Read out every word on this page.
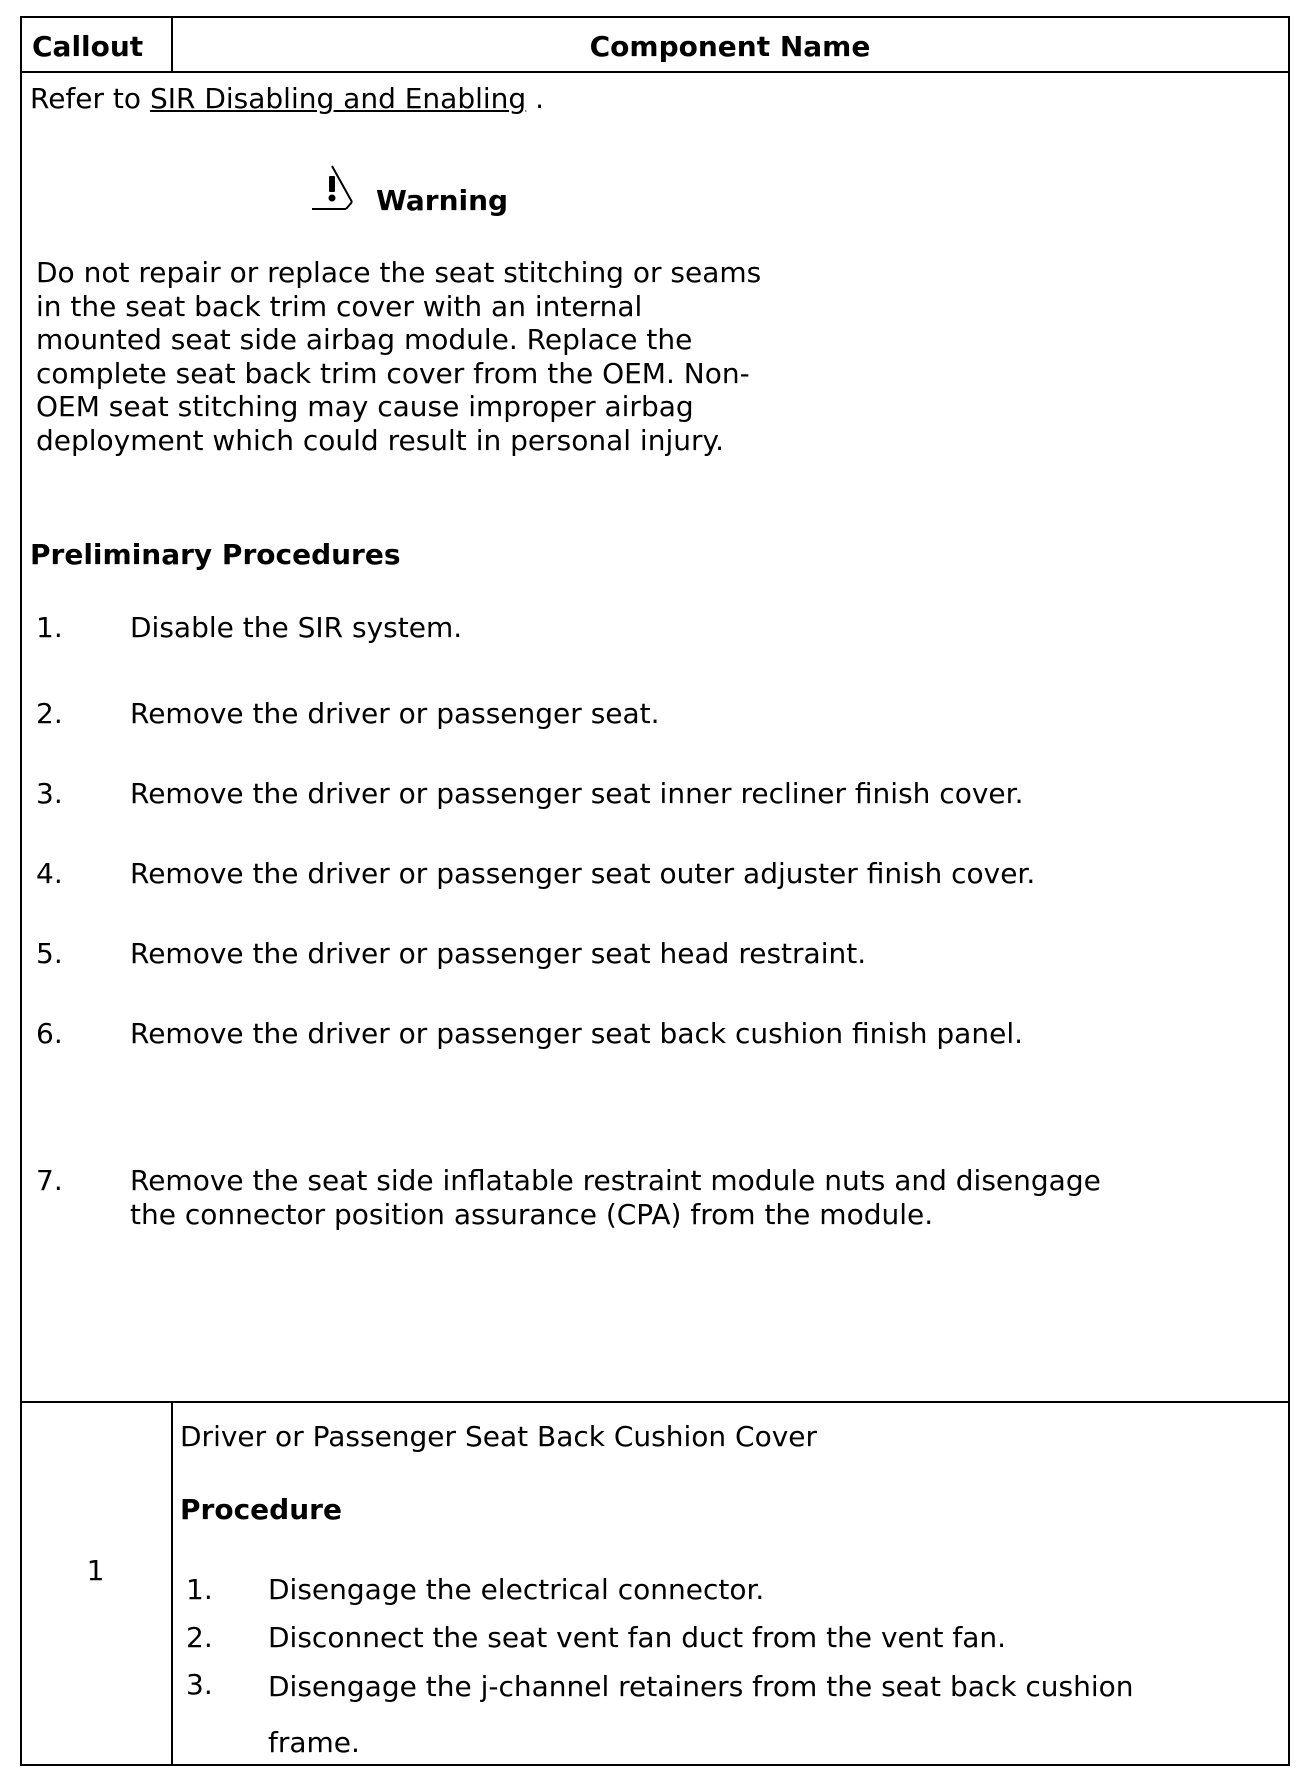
Callout	Component Name
Refer to SIR Disabling and Enabling .
Warning
Do not repair or replace the seat stitching or seams
in the seat back trim cover with an internal
mounted seat side airbag module. Replace the
complete seat back trim cover from the OEM. Non-
OEM seat stitching may cause improper airbag
deployment which could result in personal injury.
Preliminary Procedures
1. Disable the SIR system.
2. Remove the driver or passenger seat.
3. Remove the driver or passenger seat inner recliner finish cover.
4. Remove the driver or passenger seat outer adjuster finish cover.
5. Remove the driver or passenger seat head restraint.
6. Remove the driver or passenger seat back cushion finish panel.
7. Remove the seat side inflatable restraint module nuts and disengage
the connector position assurance (CPA) from the module.
1
Driver or Passenger Seat Back Cushion Cover
Procedure
1. Disengage the electrical connector.
2. Disconnect the seat vent fan duct from the vent fan.
3. Disengage the j-channel retainers from the seat back cushion
frame.
